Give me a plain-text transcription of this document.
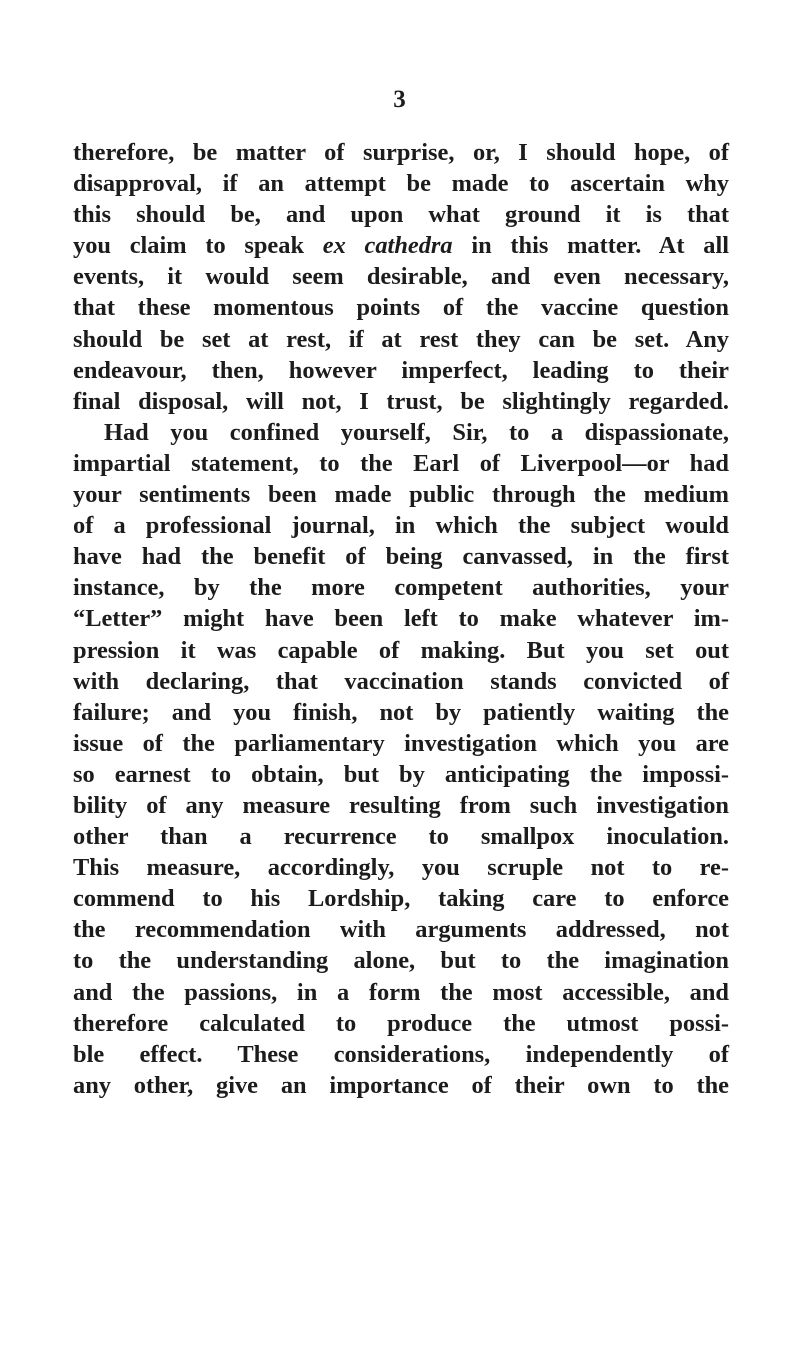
3
therefore, be matter of surprise, or, I should hope, of
disapproval, if an attempt be made to ascertain why
this should be, and upon what ground it is that
you claim to speak ex cathedra in this matter. At all
events, it would seem desirable, and even necessary,
that these momentous points of the vaccine question
should be set at rest, if at rest they can be set. Any
endeavour, then, however imperfect, leading to their
final disposal, will not, I trust, be slightingly regarded.
Had you confined yourself, Sir, to a dispassionate,
impartial statement, to the Earl of Liverpool—or had
your sentiments been made public through the medium
of a professional journal, in which the subject would
have had the benefit of being canvassed, in the first
instance, by the more competent authorities, your
“Letter” might have been left to make whatever im-
pression it was capable of making. But you set out
with declaring, that vaccination stands convicted of
failure; and you finish, not by patiently waiting the
issue of the parliamentary investigation which you are
so earnest to obtain, but by anticipating the impossi-
bility of any measure resulting from such investigation
other than a recurrence to smallpox inoculation.
This measure, accordingly, you scruple not to re-
commend to his Lordship, taking care to enforce
the recommendation with arguments addressed, not
to the understanding alone, but to the imagination
and the passions, in a form the most accessible, and
therefore calculated to produce the utmost possi-
ble effect. These considerations, independently of
any other, give an importance of their own to the
